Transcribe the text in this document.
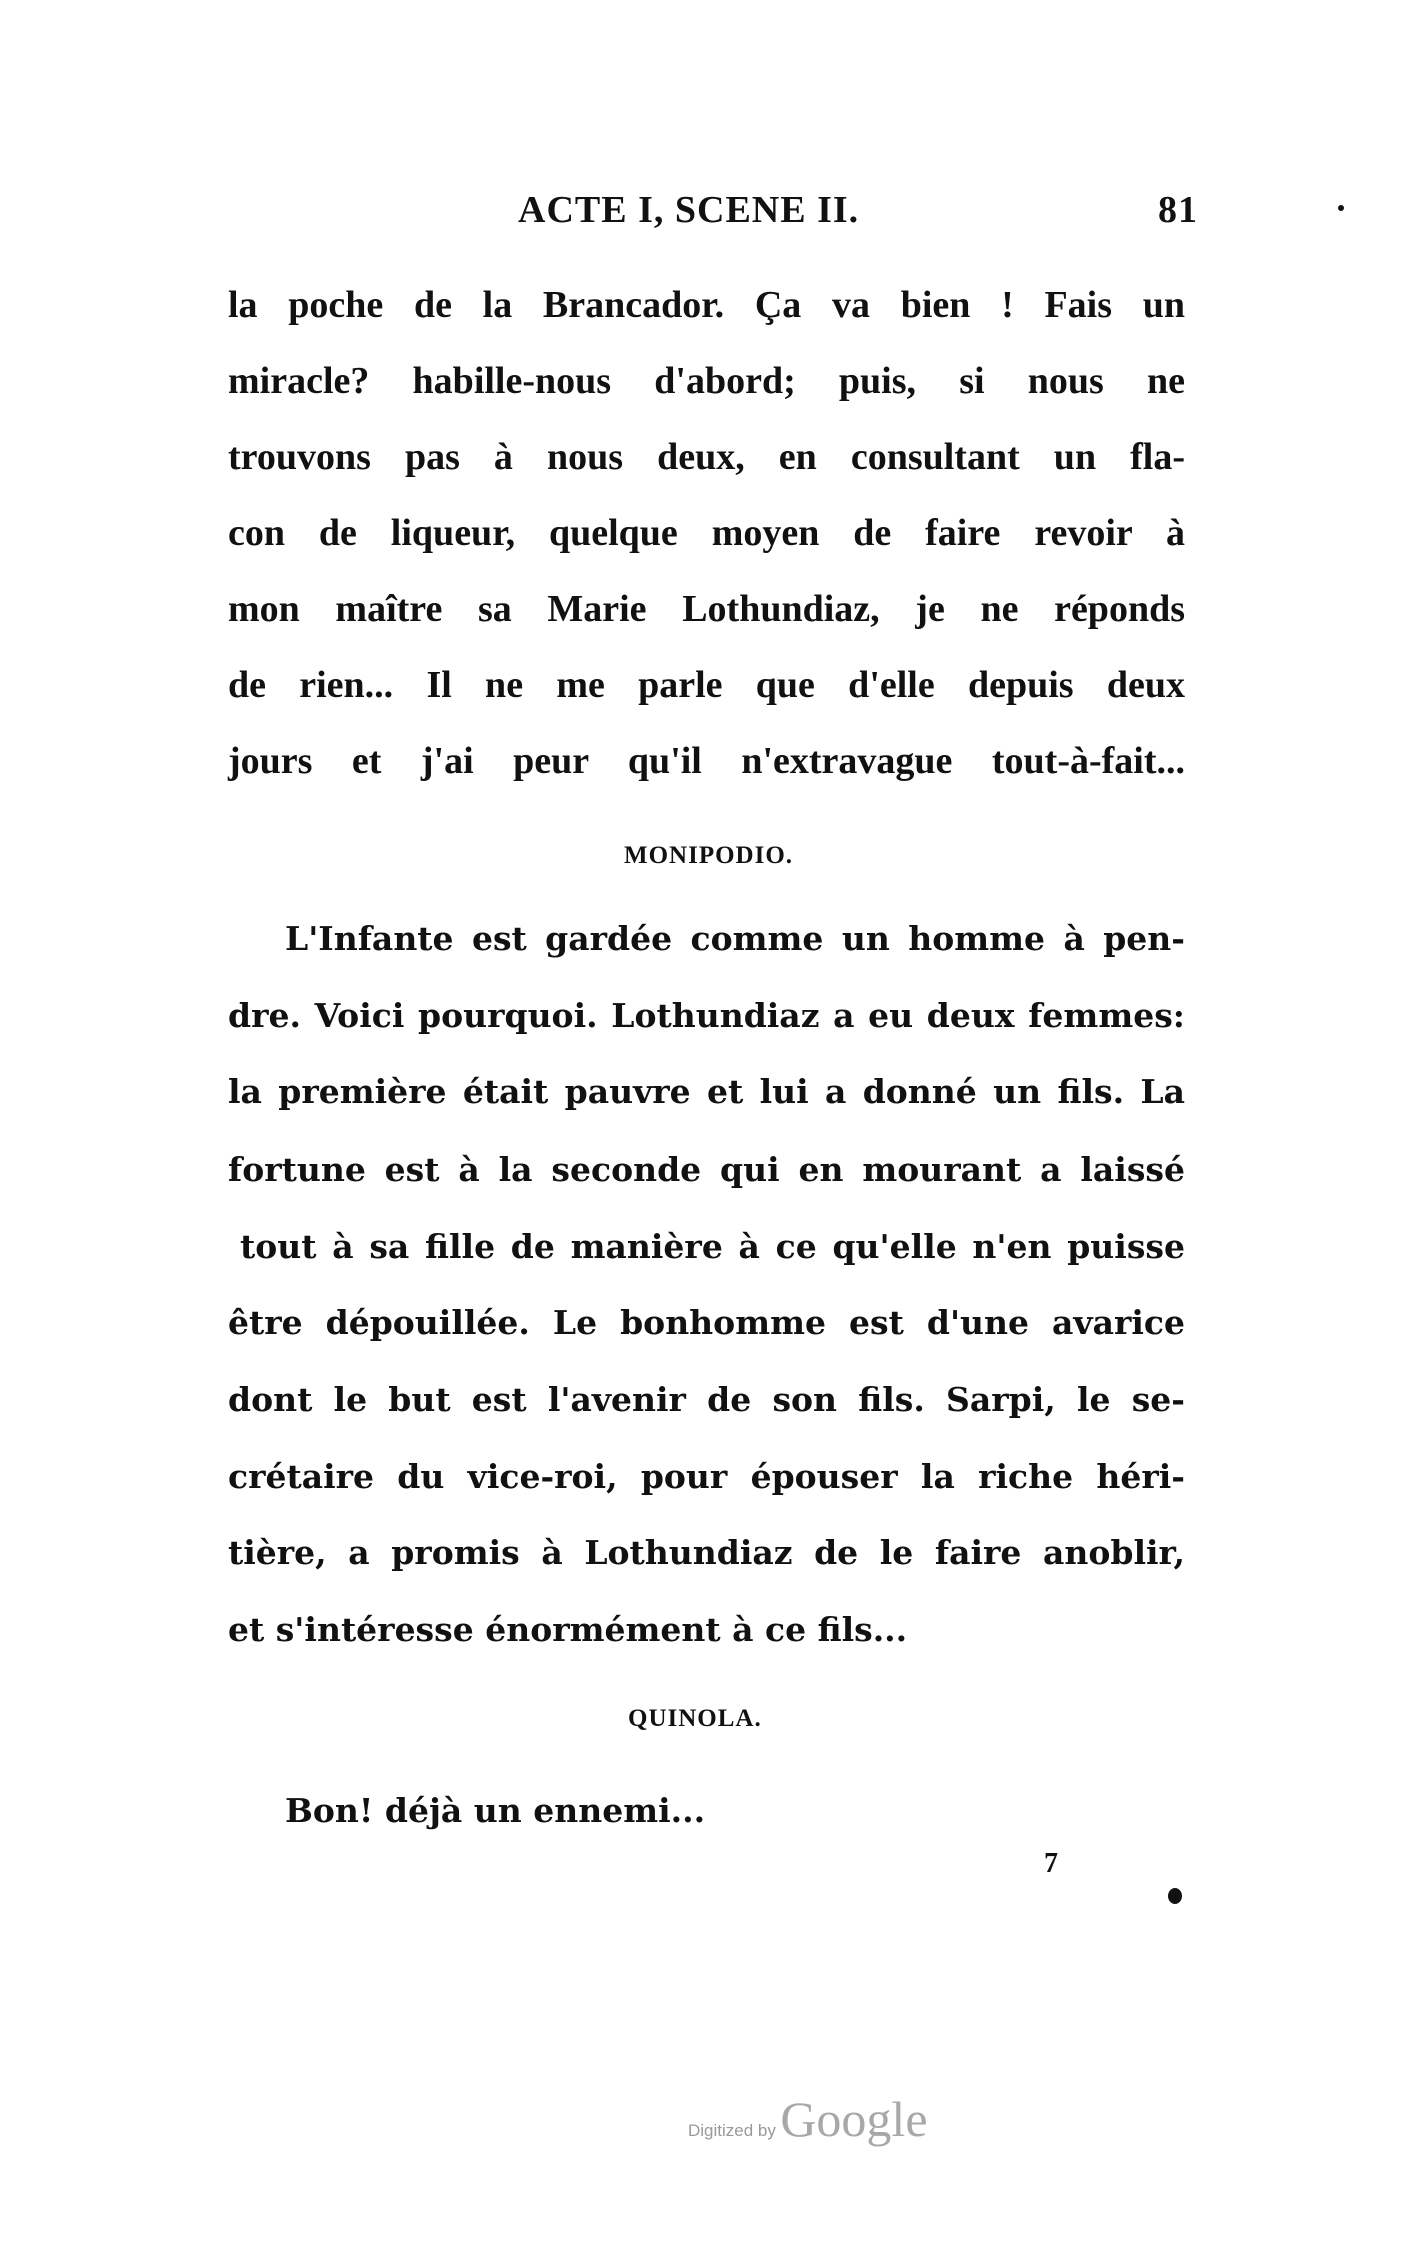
ACTE I, SCENE II.	81
la poche de la Brancador. Ça va bien ! Fais un
miracle? habille-nous d'abord; puis, si nous ne
trouvons pas à nous deux, en consultant un fla-
con de liqueur, quelque moyen de faire revoir à
mon maître sa Marie Lothundiaz, je ne réponds
de rien... Il ne me parle que d'elle depuis deux
jours et j'ai peur qu'il n'extravague tout-à-fait...
MONIPODIO.
L'Infante est gardée comme un homme à pen-
dre. Voici pourquoi. Lothundiaz a eu deux femmes:
la première était pauvre et lui a donné un fils. La
fortune est à la seconde qui en mourant a laissé
tout à sa fille de manière à ce qu'elle n'en puisse
être dépouillée. Le bonhomme est d'une avarice
dont le but est l'avenir de son fils. Sarpi, le se-
crétaire du vice-roi, pour épouser la riche héri-
tière, a promis à Lothundiaz de le faire anoblir,
et s'intéresse énormément à ce fils...
QUINOLA.
Bon! déjà un ennemi...
7
Digitized by Google
